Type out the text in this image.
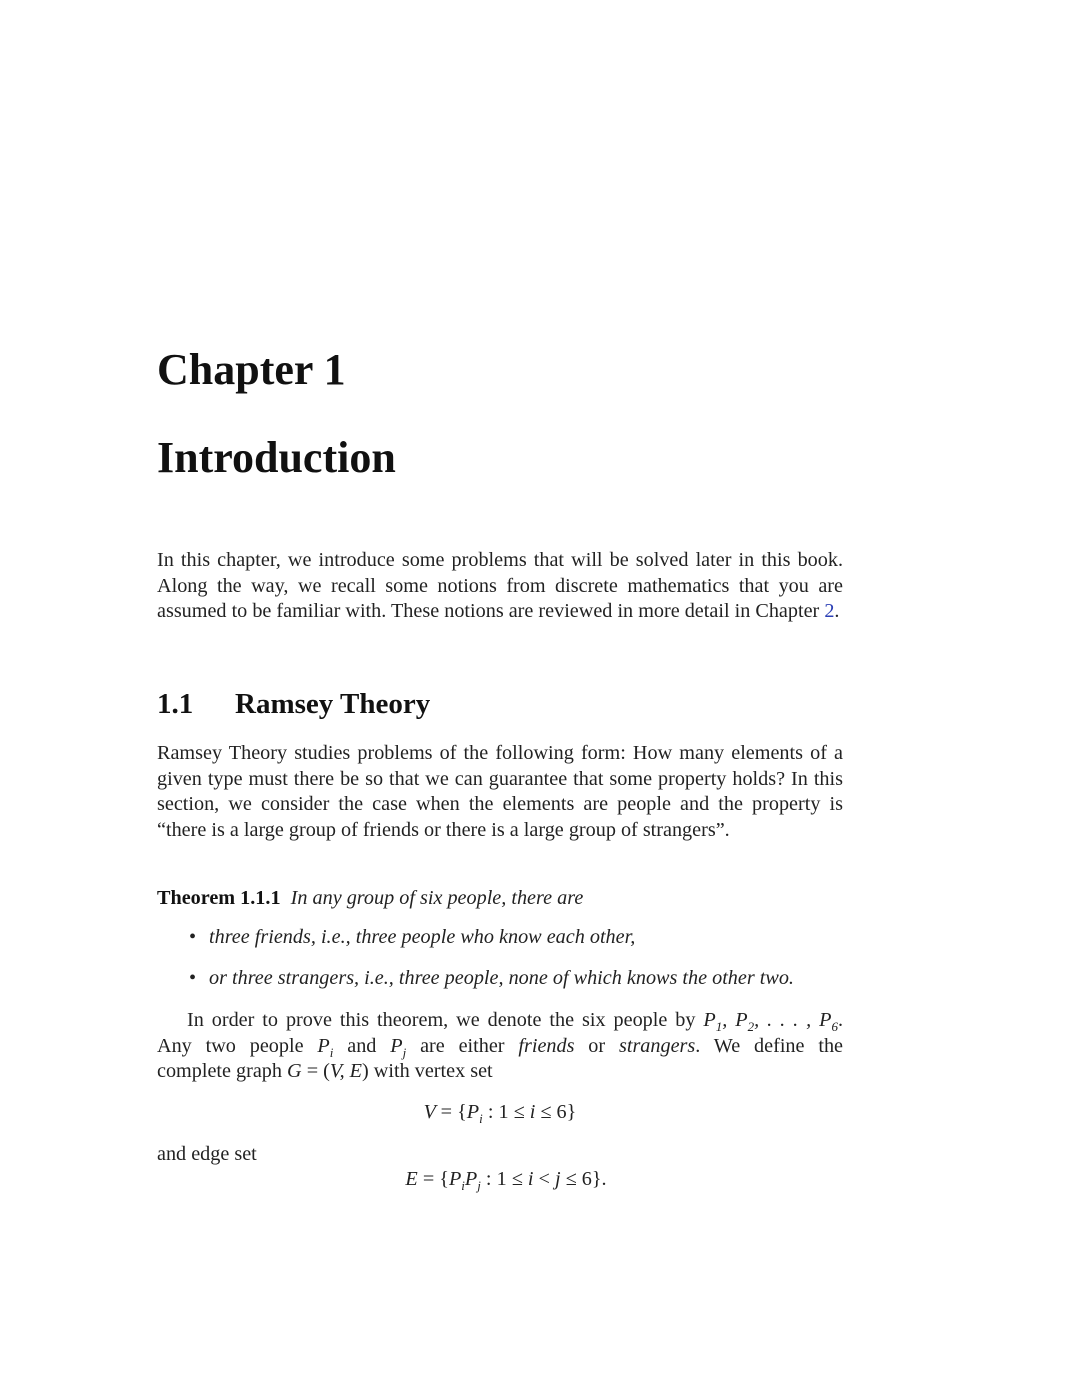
Chapter 1
Introduction
In this chapter, we introduce some problems that will be solved later in this book. Along the way, we recall some notions from discrete mathematics that you are assumed to be familiar with. These notions are reviewed in more detail in Chapter 2.
1.1 Ramsey Theory
Ramsey Theory studies problems of the following form: How many elements of a given type must there be so that we can guarantee that some property holds? In this section, we consider the case when the elements are people and the property is “there is a large group of friends or there is a large group of strangers”.
Theorem 1.1.1 In any group of six people, there are
• three friends, i.e., three people who know each other,
• or three strangers, i.e., three people, none of which knows the other two.
In order to prove this theorem, we denote the six people by $P_1$, $P_2$, . . . , $P_6$.
Any two people $P_i$ and $P_j$ are either friends or strangers. We define the
complete graph G = (V, E) with vertex set
$V = \{P_i$ : 1 ≤ i ≤ 6}
and edge set
$E = \{P_iP_j$ : 1 ≤ i < j ≤ 6}.
